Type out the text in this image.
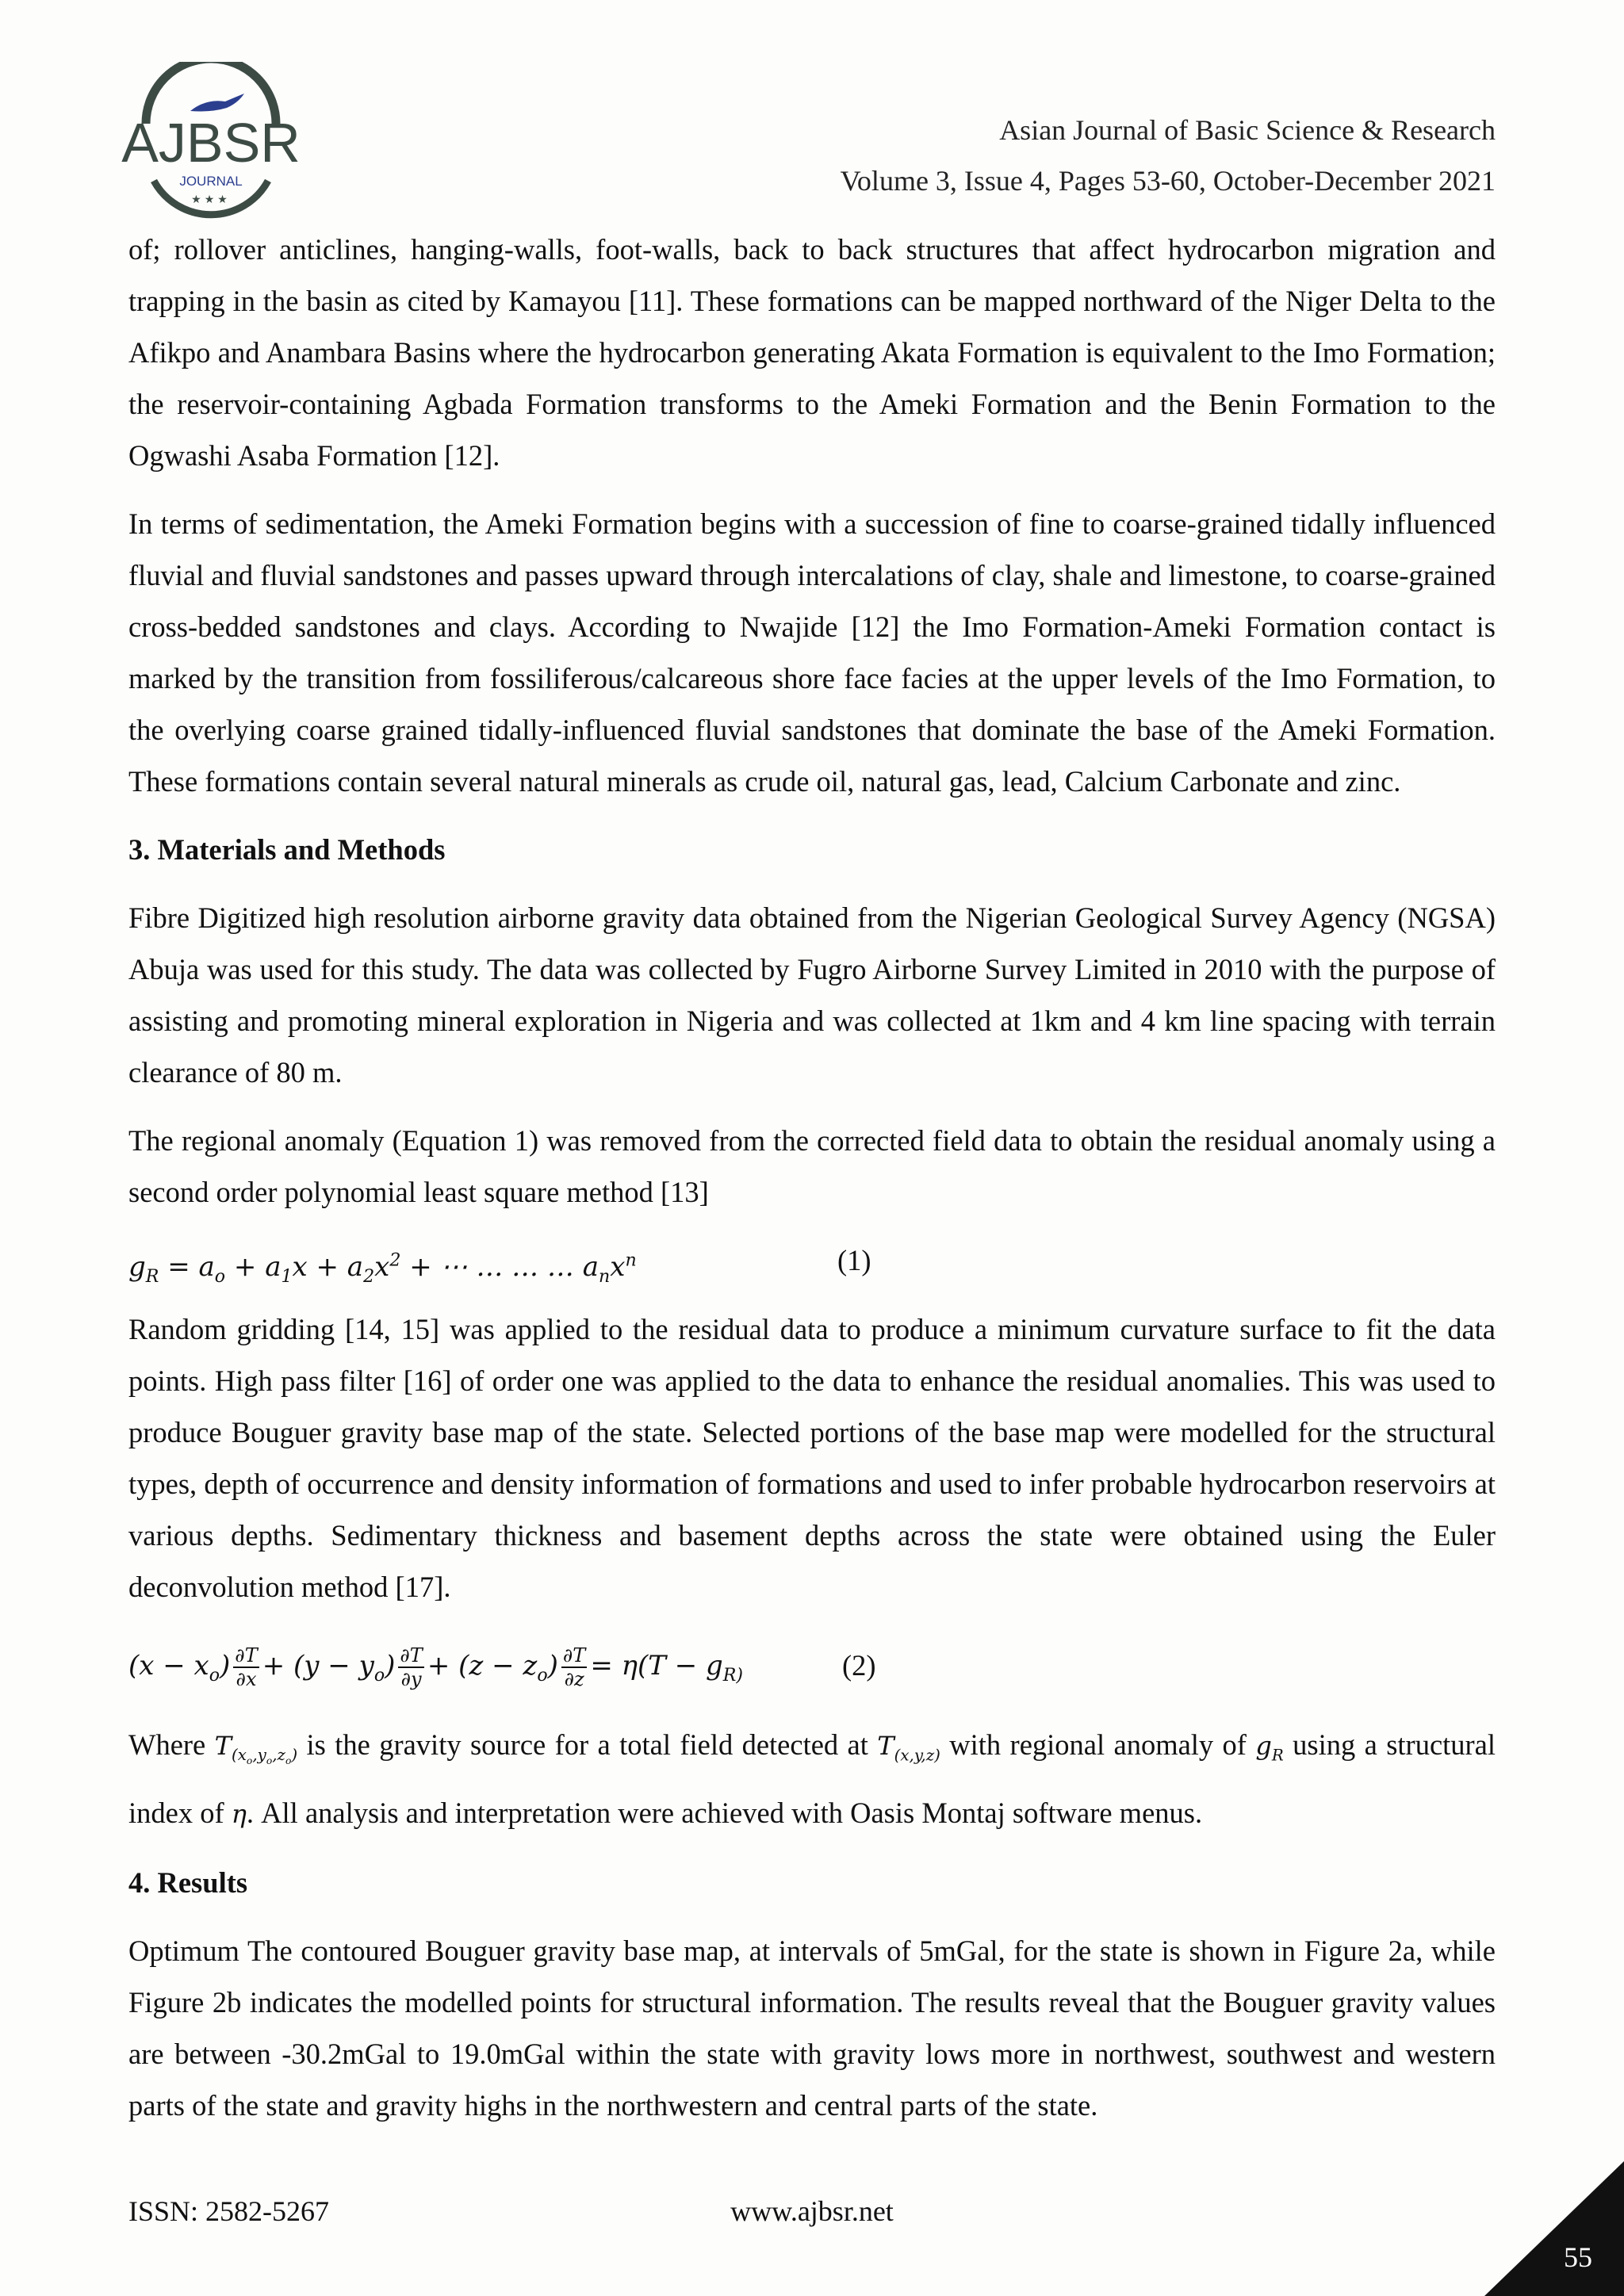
AJBSR
JOURNAL
★★★
Asian Journal of Basic Science & Research
Volume 3, Issue 4, Pages 53-60, October-December 2021

of; rollover anticlines, hanging-walls, foot-walls, back to back structures that affect hydrocarbon migration and trapping in the basin as cited by Kamayou [11]. These formations can be mapped northward of the Niger Delta to the Afikpo and Anambara Basins where the hydrocarbon generating Akata Formation is equivalent to the Imo Formation; the reservoir-containing Agbada Formation transforms to the Ameki Formation and the Benin Formation to the Ogwashi Asaba Formation [12].

In terms of sedimentation, the Ameki Formation begins with a succession of fine to coarse-grained tidally influenced fluvial and fluvial sandstones and passes upward through intercalations of clay, shale and limestone, to coarse-grained cross-bedded sandstones and clays. According to Nwajide [12] the Imo Formation-Ameki Formation contact is marked by the transition from fossiliferous/calcareous shore face facies at the upper levels of the Imo Formation, to the overlying coarse grained tidally-influenced fluvial sandstones that dominate the base of the Ameki Formation. These formations contain several natural minerals as crude oil, natural gas, lead, Calcium Carbonate and zinc.

3. Materials and Methods

Fibre Digitized high resolution airborne gravity data obtained from the Nigerian Geological Survey Agency (NGSA) Abuja was used for this study. The data was collected by Fugro Airborne Survey Limited in 2010 with the purpose of assisting and promoting mineral exploration in Nigeria and was collected at 1km and 4 km line spacing with terrain clearance of 80 m.

The regional anomaly (Equation 1) was removed from the corrected field data to obtain the residual anomaly using a second order polynomial least square method [13]

$g_R = a_o + a_1x + a_2x^2$ + ⋯ … … … $a_nx^n$	(1)

Random gridding [14, 15] was applied to the residual data to produce a minimum curvature surface to fit the data points. High pass filter [16] of order one was applied to the data to enhance the residual anomalies. This was used to produce Bouguer gravity base map of the state. Selected portions of the base map were modelled for the structural types, depth of occurrence and density information of formations and used to infer probable hydrocarbon reservoirs at various depths. Sedimentary thickness and basement depths across the state were obtained using the Euler deconvolution method [17].

$(x - x_o) \frac{\partial T}{\partial x} + (y - y_o) \frac{\partial T}{\partial y} + (z - z_o) \frac{\partial T}{\partial z} = \eta(T - g_{R)}$	(2)

Where $T_{(x_o,y_o,z_o)}$ is the gravity source for a total field detected at $T_{(x,y,z)}$ with regional anomaly of $g_R$ using a structural index of η. All analysis and interpretation were achieved with Oasis Montaj software menus.

4. Results

Optimum The contoured Bouguer gravity base map, at intervals of 5mGal, for the state is shown in Figure 2a, while Figure 2b indicates the modelled points for structural information. The results reveal that the Bouguer gravity values are between -30.2mGal to 19.0mGal within the state with gravity lows more in northwest, southwest and western parts of the state and gravity highs in the northwestern and central parts of the state.

ISSN: 2582-5267	www.ajbsr.net
55
